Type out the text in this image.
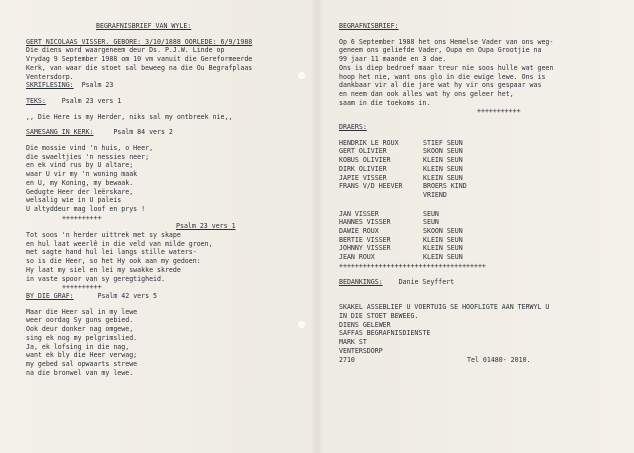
BEGRAFNISBRIEF VAN WYLE:
GERT NICOLAAS VISSER. GEBORE: 3/10/1888 OORLEDE: 6/9/1988
Die diens word waargeneem deur Ds. P.J.W. Linde op
Vrydag 9 September 1988 om 10 vm vanuit die Gereformeerde
Kerk, van waar die stoet sal beweeg na die Ou Begrafplaas
Ventersdorp.
SKRIFLESING: Psalm 23
TEKS: Psalm 23 vers 1
,, Die Here is my Herder, niks sal my ontbreek nie,,
SAMESANG IN KERK:	Psalm 84 vers 2
Die mossie vind 'n huis, o Heer,
die swaeltjies 'n nessies neer;
en ek vind rus by U altare;
waar U vir my 'n woning maak
en U, my Koning, my bewaak.
Gedugte Heer der leërskare,
welsalig wie in U paleis
U altyddeur mag loof en prys !
++++++++++
Psalm 23 vers 1
Tot soos 'n herder uittrek met sy skape
en hul laat weerlê in die veld van milde groen,
met sagte hand hul lei langs stille waters-
so is die Heer, so het Hy ook aan my gedoen:
Hy laat my siel en lei my swakke skrede
in vaste spoor van sy geregtigheid.
++++++++++
BY DIE GRAF:	Psalm 42 vers 5
Maar die Heer sal in my lewe
weer oordag Sy guns gebied.
Ook deur donker nag omgewe,
sing ek nog my pelgrimslied.
Ja, ek lofsing in die nag,
want ek bly die Heer verwag;
my gebed sal opwaarts strewe
na die bronwel van my lewe.
BEGRAFNISBRIEF:
Op 6 September 1988 het ons Hemelse Vader van ons weg-
geneem ons geliefde Vader, Oupa en Oupa Grootjie na
99 jaar 11 maande en 3 dae.
Ons is diep bedroef maar treur nie soos hulle wat geen
hoop het nie, want ons glo in die ewige lewe. Ons is
dankbaar vir al die jare wat hy vir ons gespaar was
en neem dan ook alles wat hy ons geleer het,
saam in die toekoms in.
+++++++++++
DRAERS:
HENDRIK LE ROUX	STIEF SEUN
GERT OLIVIER	SKOON SEUN
KOBUS OLIVIER	KLEIN SEUN
DIRK OLIVIER	KLEIN SEUN
JAPIE VISSER	KLEIN SEUN
FRANS V/D HEEVER	BROERS KIND
VRIEND
JAN VISSER	SEUN
HANNES VISSER	SEUN
DAWIE ROUX	SKOON SEUN
BERTIE VISSER	KLEIN SEUN
JOHNNY VISSER	KLEIN SEUN
JEAN ROUX	KLEIN SEUN
+++++++++++++++++++++++++++++++++++++
BEDANKINGS: Danie Seyffert
SKAKEL ASSEBLIEF U VOERTUIG SE HOOFLIGTE AAN TERWYL U
IN DIE STOET BEWEEG.
DIENS GELEWER
SAFFAS BEGRAFNISDIENSTE
MARK ST
VENTERSDORP
2710	Tel 01480- 2010.
